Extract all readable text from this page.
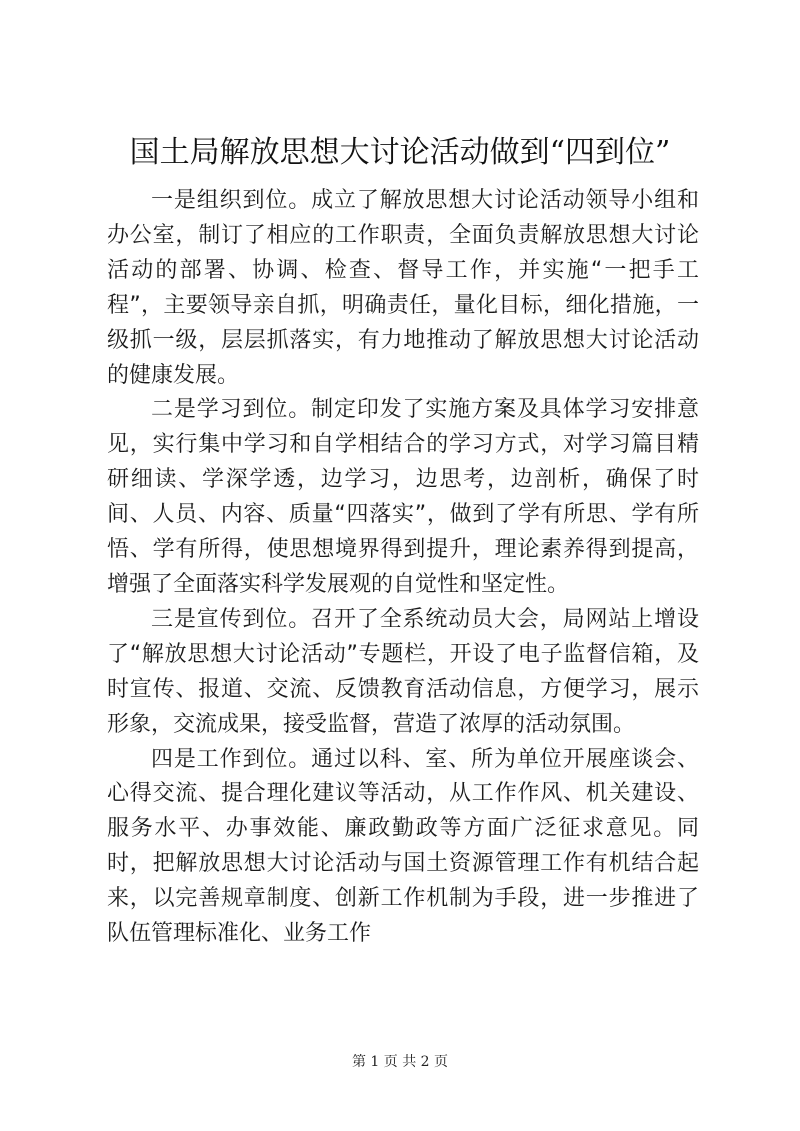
国土局解放思想大讨论活动做到“四到位”

一是组织到位。成立了解放思想大讨论活动领导小组和办公室，制订了相应的工作职责，全面负责解放思想大讨论活动的部署、协调、检查、督导工作，并实施“一把手工程”，主要领导亲自抓，明确责任，量化目标，细化措施，一级抓一级，层层抓落实，有力地推动了解放思想大讨论活动的健康发展。

二是学习到位。制定印发了实施方案及具体学习安排意见，实行集中学习和自学相结合的学习方式，对学习篇目精研细读、学深学透，边学习，边思考，边剖析，确保了时间、人员、内容、质量“四落实”，做到了学有所思、学有所悟、学有所得，使思想境界得到提升，理论素养得到提高，增强了全面落实科学发展观的自觉性和坚定性。

三是宣传到位。召开了全系统动员大会，局网站上增设了“解放思想大讨论活动”专题栏，开设了电子监督信箱，及时宣传、报道、交流、反馈教育活动信息，方便学习，展示形象，交流成果，接受监督，营造了浓厚的活动氛围。

四是工作到位。通过以科、室、所为单位开展座谈会、心得交流、提合理化建议等活动，从工作作风、机关建设、服务水平、办事效能、廉政勤政等方面广泛征求意见。同时，把解放思想大讨论活动与国土资源管理工作有机结合起来，以完善规章制度、创新工作机制为手段，进一步推进了队伍管理标准化、业务工作

第 1 页 共 2 页
